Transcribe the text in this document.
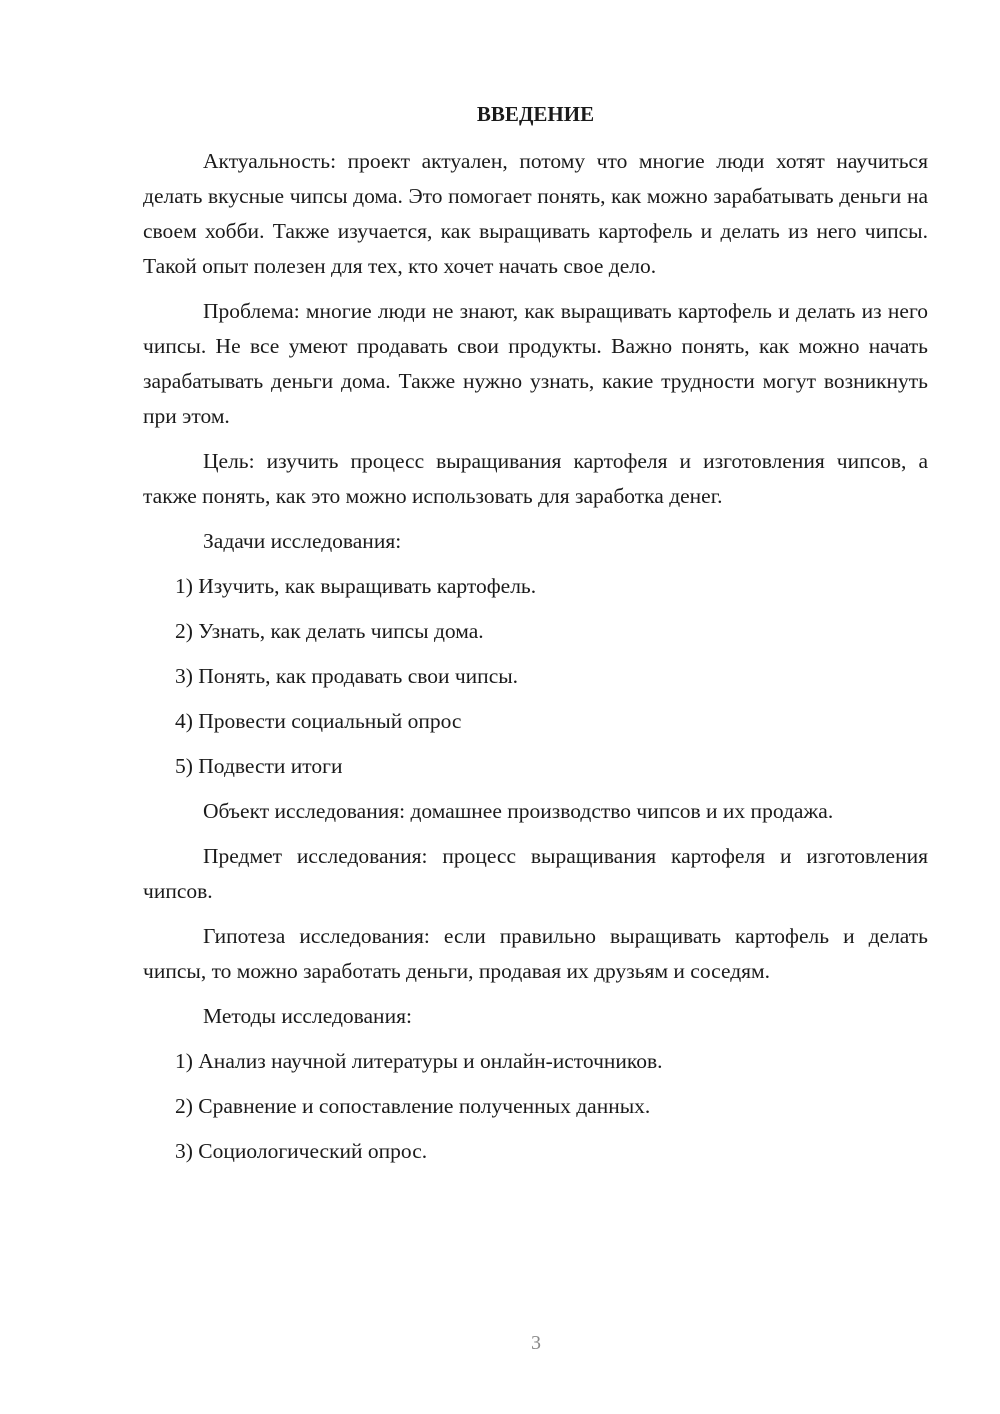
ВВЕДЕНИЕ

Актуальность: проект актуален, потому что многие люди хотят научиться делать вкусные чипсы дома. Это помогает понять, как можно зарабатывать деньги на своем хобби. Также изучается, как выращивать картофель и делать из него чипсы. Такой опыт полезен для тех, кто хочет начать свое дело.

Проблема: многие люди не знают, как выращивать картофель и делать из него чипсы. Не все умеют продавать свои продукты. Важно понять, как можно начать зарабатывать деньги дома. Также нужно узнать, какие трудности могут возникнуть при этом.

Цель: изучить процесс выращивания картофеля и изготовления чипсов, а также понять, как это можно использовать для заработка денег.

Задачи исследования:

1) Изучить, как выращивать картофель.
2) Узнать, как делать чипсы дома.
3) Понять, как продавать свои чипсы.
4) Провести социальный опрос
5) Подвести итоги

Объект исследования: домашнее производство чипсов и их продажа.

Предмет исследования: процесс выращивания картофеля и изготовления чипсов.

Гипотеза исследования: если правильно выращивать картофель и делать чипсы, то можно заработать деньги, продавая их друзьям и соседям.

Методы исследования:

1) Анализ научной литературы и онлайн-источников.
2) Сравнение и сопоставление полученных данных.
3) Социологический опрос.
3
